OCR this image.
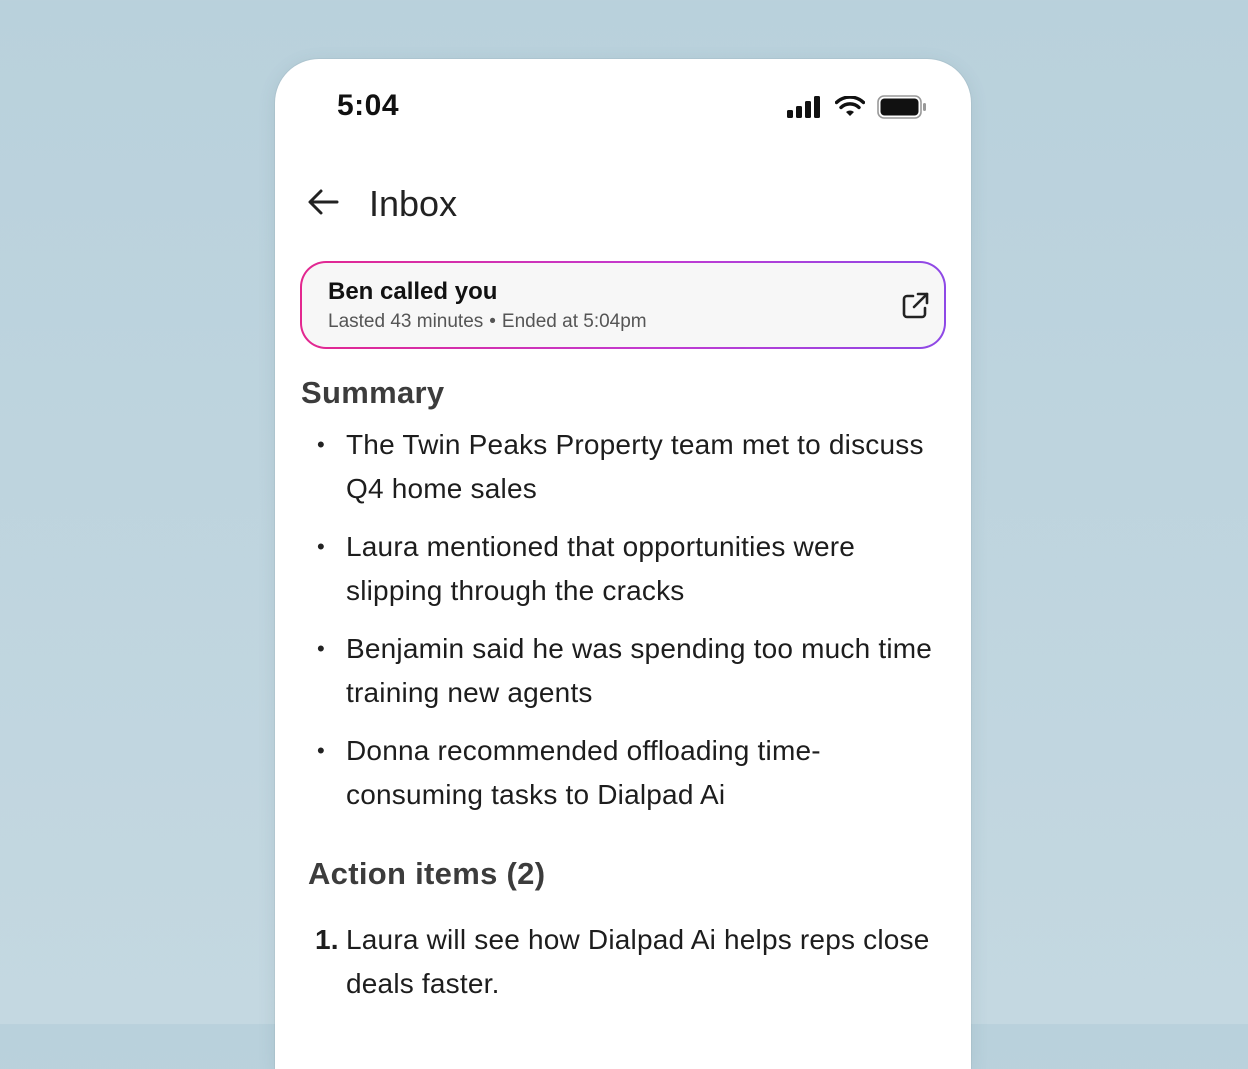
5:04
Inbox
Ben called you
Lasted 43 minutes • Ended at 5:04pm
Summary
• The Twin Peaks Property team met to discuss Q4 home sales
• Laura mentioned that opportunities were slipping through the cracks
• Benjamin said he was spending too much time training new agents
• Donna recommended offloading time-consuming tasks to Dialpad Ai
Action items (2)
1. Laura will see how Dialpad Ai helps reps close deals faster.
